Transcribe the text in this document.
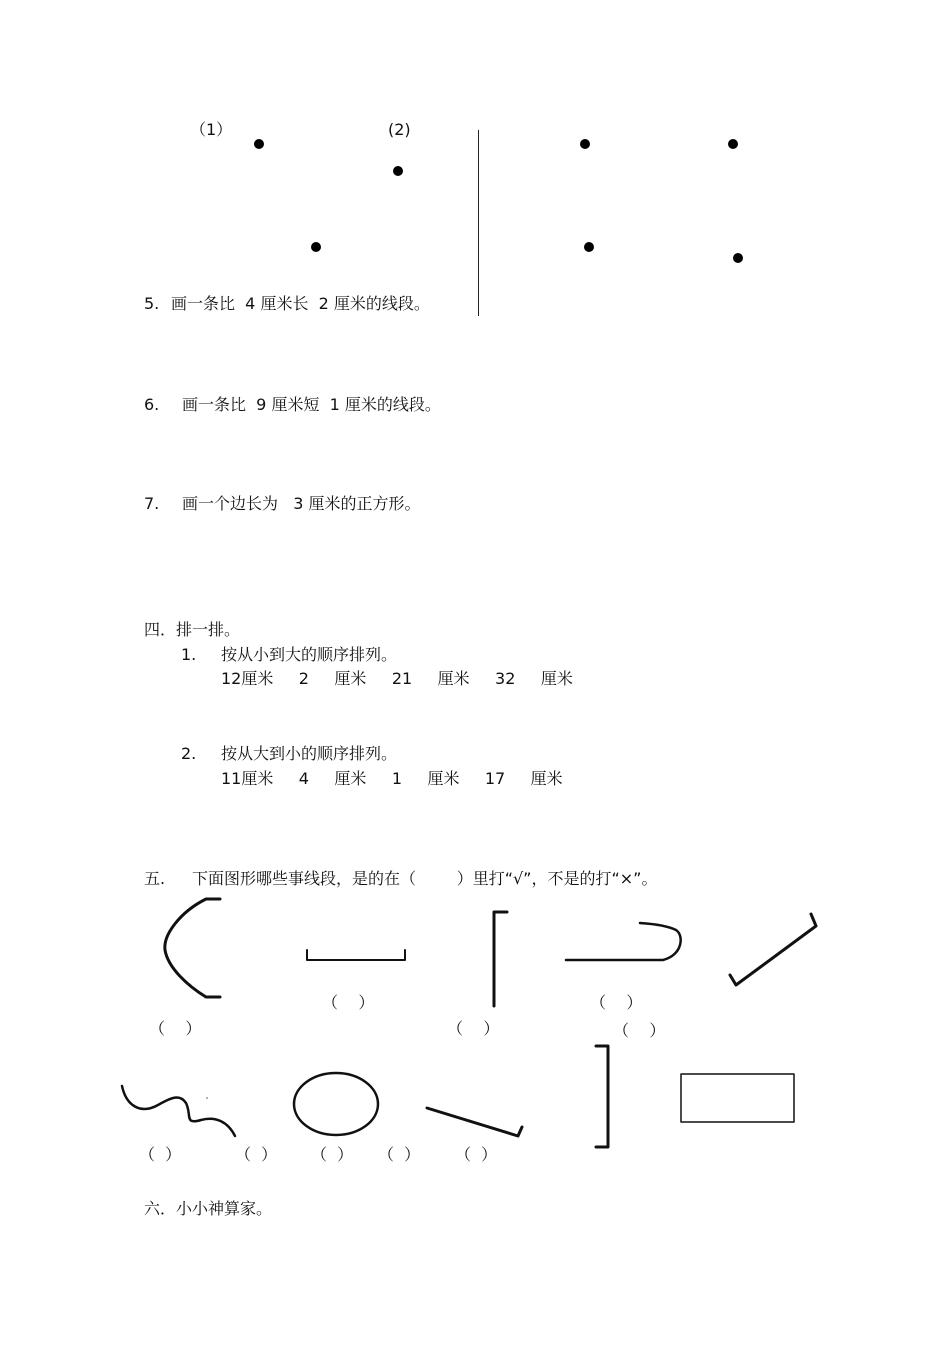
（1）	(2)
5. 画一条比  4 厘米长  2 厘米的线段。
6. 画一条比  9 厘米短  1 厘米的线段。
7. 画一个边长为   3 厘米的正方形。
四．排一排。
1. 按从小到大的顺序排列。
12厘米     2     厘米     21     厘米     32     厘米
2. 按从大到小的顺序排列。
11厘米     4     厘米     1     厘米     17     厘米
五. 下面图形哪些事线段，是的在（        ）里打“√”，不是的打“×”。
（    ）	（    ）
（    ）	（    ）	（    ）
（  ）	（  ） （  ） （  ） （  ）
六．小小神算家。
